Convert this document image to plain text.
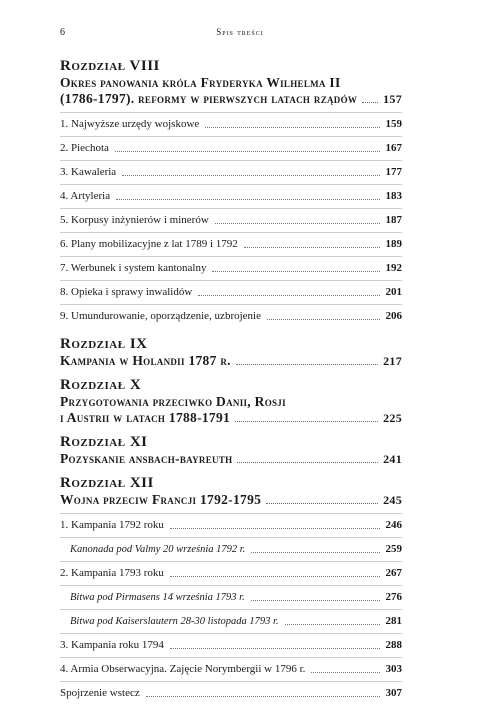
6	Spis treści
Rozdział VIII
Okres panowania króla Fryderyka Wilhelma II
(1786-1797). reformy w pierwszych latach rządów 157
1. Najwyższe urzędy wojskowe	159
2. Piechota	167
3. Kawaleria	177
4. Artyleria	183
5. Korpusy inżynierów i minerów	187
6. Plany mobilizacyjne z lat 1789 i 1792	189
7. Werbunek i system kantonalny	192
8. Opieka i sprawy inwalidów	201
9. Umundurowanie, oporządzenie, uzbrojenie	206
Rozdział IX
Kampania w Holandii 1787 r.	217
Rozdział X
Przygotowania przeciwko Danii, Rosji
i Austrii w latach 1788-1791	225
Rozdział XI
Pozyskanie ansbach-bayreuth	241
Rozdział XII
Wojna przeciw Francji 1792-1795	245
1. Kampania 1792 roku	246
Kanonada pod Valmy 20 września 1792 r.	259
2. Kampania 1793 roku	267
Bitwa pod Pirmasens 14 września 1793 r.	276
Bitwa pod Kaiserslautern 28-30 listopada 1793 r.	281
3. Kampania roku 1794	288
4. Armia Obserwacyjna. Zajęcie Norymbergii w 1796 r.	303
Spojrzenie wstecz	307
